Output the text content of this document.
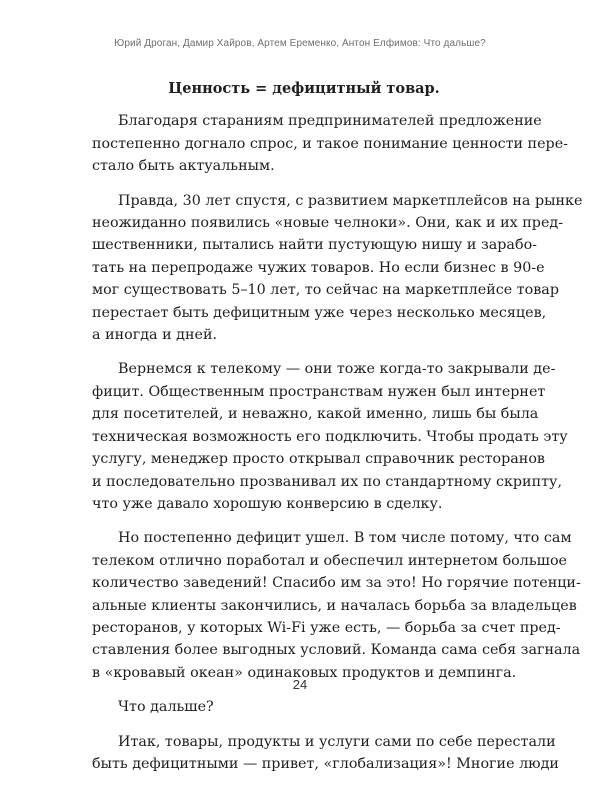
Юрий Дроган, Дамир Хайров, Артем Еременко, Антон Елфимов: Что дальше?
Ценность = дефицитный товар.
Благодаря стараниям предпринимателей предложение
постепенно догнало спрос, и такое понимание ценности пере-
стало быть актуальным.
Правда, 30 лет спустя, с развитием маркетплейсов на рынке
неожиданно появились «новые челноки». Они, как и их пред-
шественники, пытались найти пустующую нишу и зарабо-
тать на перепродаже чужих товаров. Но если бизнес в 90-е
мог существовать 5–10 лет, то сейчас на маркетплейсе товар
перестает быть дефицитным уже через несколько месяцев,
а иногда и дней.
Вернемся к телекому — они тоже когда-то закрывали де-
фицит. Общественным пространствам нужен был интернет
для посетителей, и неважно, какой именно, лишь бы была
техническая возможность его подключить. Чтобы продать эту
услугу, менеджер просто открывал справочник ресторанов
и последовательно прозванивал их по стандартному скрипту,
что уже давало хорошую конверсию в сделку.
Но постепенно дефицит ушел. В том числе потому, что сам
телеком отлично поработал и обеспечил интернетом большое
количество заведений! Спасибо им за это! Но горячие потенци-
альные клиенты закончились, и началась борьба за владельцев
ресторанов, у которых Wi-Fi уже есть, — борьба за счет пред-
ставления более выгодных условий. Команда сама себя загнала
в «кровавый океан» одинаковых продуктов и демпинга.
Что дальше?
Итак, товары, продукты и услуги сами по себе перестали
быть дефицитными — привет, «глобализация»! Многие люди
24
